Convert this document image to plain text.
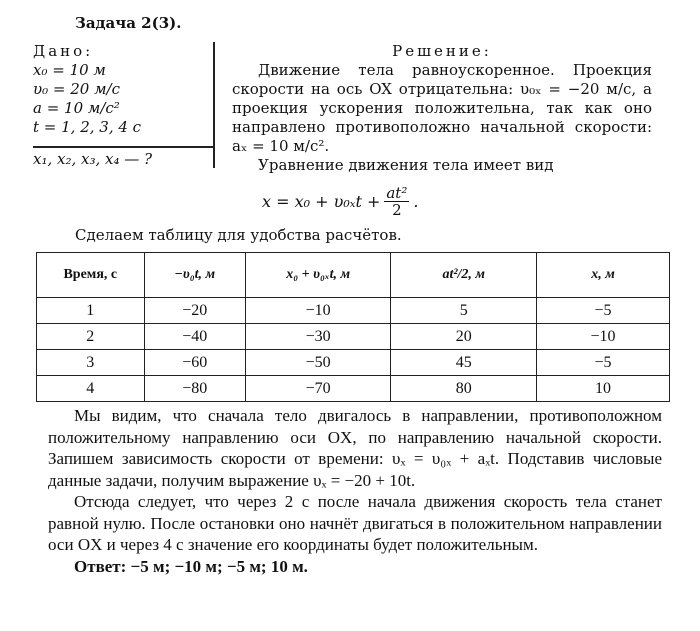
Задача 2(3).
Дано:
x₀ = 10 м
υ₀ = 20 м/с
a = 10 м/с²
t = 1, 2, 3, 4 с
x₁, x₂, x₃, x₄ — ?
Решение:

Движение тела равноускоренное. Проекция скорости на ось OX отрицательна: υ₀ₓ = −20 м/с, а проекция ускорения положительна, так как оно направлено противоположно начальной скорости: aₓ = 10 м/с².

Уравнение движения тела имеет вид

$x = x_0 + \upsilon_{0x}t + \frac{\text{at²}}{2}$ .
Сделаем таблицу для удобства расчётов.
Время, с	−υ₀t, м	x₀ + υ₀ₓt, м	at²/2, м	x, м
1	−20	−10	5	−5
2	−40	−30	20	−10
3	−60	−50	45	−5
4	−80	−70	80	10

Мы видим, что сначала тело двигалось в направлении, противоположном положительному направлению оси OX, по направлению начальной скорости. Запишем зависимость скорости от времени: υₓ = υ₀ₓ + aₓt. Подставив числовые данные задачи, получим выражение υₓ = −20 + 10t.

Отсюда следует, что через 2 с после начала движения скорость тела станет равной нулю. После остановки оно начнёт двигаться в положительном направлении оси OX и через 4 с значение его координаты будет положительным.

Ответ: −5 м; −10 м; −5 м; 10 м.
